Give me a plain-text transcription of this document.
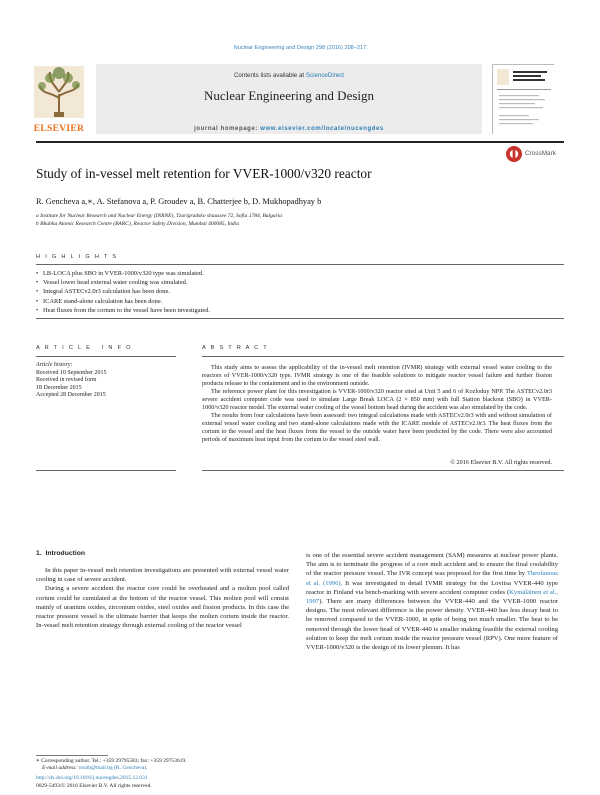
Nuclear Engineering and Design 298 (2016) 208–217
ELSEVIER
Contents lists available at ScienceDirect
Nuclear Engineering and Design
journal homepage: www.elsevier.com/locate/nucengdes
Study of in-vessel melt retention for VVER-1000/v320 reactor
CrossMark
R. Gencheva a,∗, A. Stefanova a, P. Groudev a, B. Chatterjee b, D. Mukhopadhyay b
a Institute for Nuclear Research and Nuclear Energy (INRNE), Tzarigradsko shaussee 72, Sofia 1784, Bulgaria
b Bhabha Atomic Research Centre (BARC), Reactor Safety Division, Mumbai 400085, India
H I G H L I G H T S
• LB-LOCA plus SBO in VVER-1000/v320 type was simulated.
• Vessel lower head external water cooling was simulated.
• Integral ASTECv2.0r3 calculation has been done.
• ICARE stand-alone calculation has been done.
• Heat fluxes from the corium to the vessel have been investigated.
A R T I C L E   I N F O
Article history:
Received 10 September 2015
Received in revised form
18 December 2015
Accepted 28 December 2015
A B S T R A C T

This study aims to assess the applicability of the in-vessel melt retention (IVMR) strategy with external vessel water cooling to the reactors of VVER-1000/v320 type. IVMR strategy is one of the feasible solutions to mitigate reactor vessel failure and further fission products release to the containment and to the environment outside.

The reference power plant for this investigation is VVER-1000/v320 reactor sited at Unit 5 and 6 of Kozloduy NPP. The ASTECv2.0r3 severe accident computer code was used to simulate Large Break LOCA (2 × 850 mm) with full Station blackout (SBO) in VVER-1000/v320 reactor model. The external water cooling of the vessel bottom head during the accident was also simulated by the code.

The results from four calculations have been assessed: two integral calculations made with ASTECv2.0r3 with and without simulation of external vessel water cooling and two stand-alone calculations made with the ICARE module of ASTECv2.0r3. The heat fluxes from the corium to the vessel and the heat fluxes from the vessel to the outside water have been predicted by the code. There were also accounted periods of maximum heat input from the corium to the vessel steel wall.

© 2016 Elsevier B.V. All rights reserved.
1.  Introduction

In this paper in-vessel melt retention investigations are presented with external vessel water cooling in case of severe accident.

During a severe accident the reactor core could be overheated and a molten pool called corium could be cumulated at the bottom of the reactor vessel. This molten pool will consist mainly of uranium oxides, zirconium oxides, steel oxides and fission products. In this case the reactor pressure vessel is the ultimate barrier that keeps the molten corium inside the reactor. In-vessel melt retention strategy through external cooling of the reactor vessel

is one of the essential severe accident management (SAM) measures at nuclear power plants. The aim is to terminate the progress of a core melt accident and to ensure the final coolability of the reactor pressure vessel. The IVR concept was proposed for the first time by Theofanous et al. (1996). It was investigated in detail IVMR strategy for the Loviisa VVER-440 type reactor in Finland via bench-marking with severe accident computer codes (Kymäläinen et al., 1997). There are many differences between the VVER-440 and the VVER-1000 reactor designs. The most relevant difference is the power density. VVER-440 has less decay heat to be removed compared to the VVER-1000, in spite of being not much smaller. The heat to be removed through the lower head of VVER-440 is smaller making feasible the external cooling solution to keep the melt corium inside the reactor pressure vessel (RPV). One more feature of VVER-1000/v320 is the design of its lower plenum. It has
∗ Corresponding author. Tel.: +359 29795583; fax: +359 29753619.
E-mail address: rosith@mail.bg (R. Gencheva).
http://dx.doi.org/10.1016/j.nucengdes.2015.12.031
0029-5493/© 2016 Elsevier B.V. All rights reserved.
